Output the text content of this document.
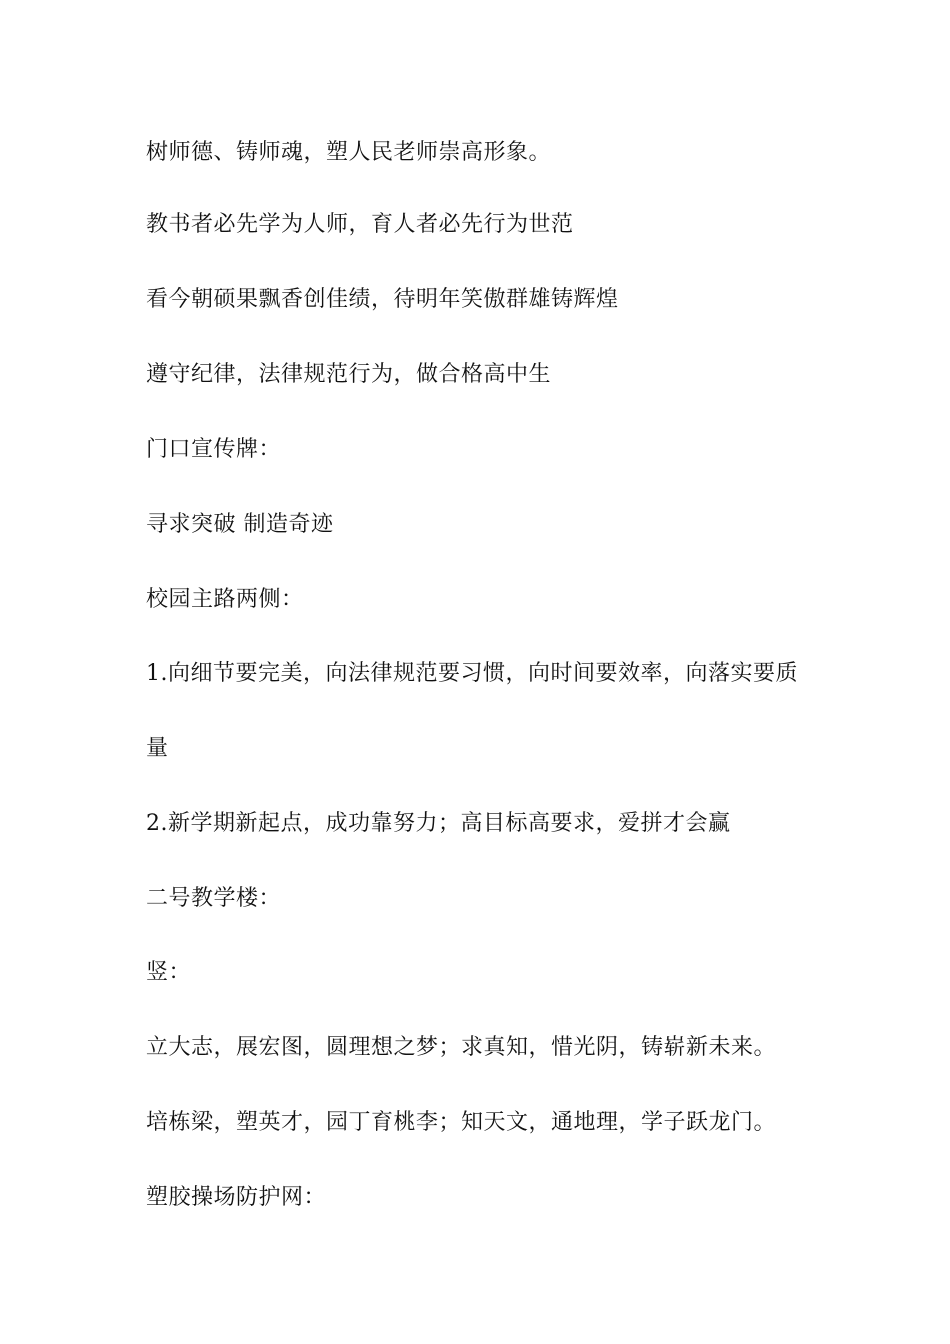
树师德、铸师魂，塑人民老师崇高形象。
教书者必先学为人师，育人者必先行为世范
看今朝硕果飘香创佳绩，待明年笑傲群雄铸辉煌
遵守纪律，法律规范行为，做合格高中生
门口宣传牌：
寻求突破 制造奇迹
校园主路两侧：
1.向细节要完美，向法律规范要习惯，向时间要效率，向落实要质
量
2.新学期新起点，成功靠努力；高目标高要求，爱拼才会赢
二号教学楼：
竖：
立大志，展宏图，圆理想之梦；求真知，惜光阴，铸崭新未来。
培栋梁，塑英才，园丁育桃李；知天文，通地理，学子跃龙门。
塑胶操场防护网：
